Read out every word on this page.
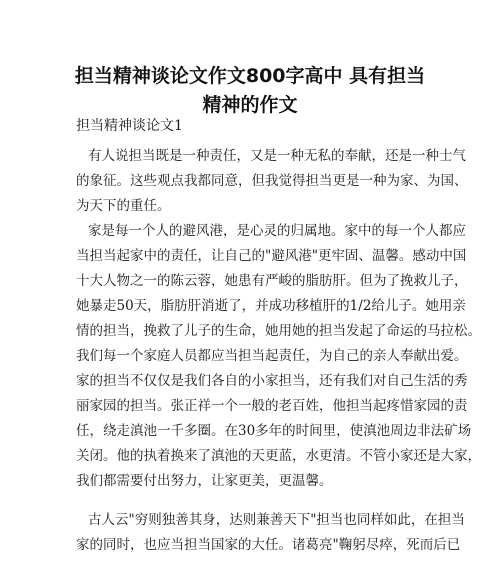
担当精神谈论文作文800字高中 具有担当
精神的作文

担当精神谈论文1

有人说担当既是一种责任，又是一种无私的奉献，还是一种士气
的象征。这些观点我都同意，但我觉得担当更是一种为家、为国、
为天下的重任。
家是每一个人的避风港，是心灵的归属地。家中的每一个人都应
当担当起家中的责任，让自己的"避风港"更牢固、温馨。感动中国
十大人物之一的陈云蓉，她患有严峻的脂肪肝。但为了挽救儿子，
她暴走50天，脂肪肝消逝了，并成功移植肝的1/2给儿子。她用亲
情的担当，挽救了儿子的生命，她用她的担当发起了命运的马拉松。
我们每一个家庭人员都应当担当起责任，为自己的亲人奉献出爱。
家的担当不仅仅是我们各自的小家担当，还有我们对自己生活的秀
丽家园的担当。张正祥一个一般的老百姓，他担当起疼惜家园的责
任，绕走滇池一千多圈。在30多年的时间里，使滇池周边非法矿场
关闭。他的执着换来了滇池的天更蓝，水更清。不管小家还是大家，
我们都需要付出努力，让家更美，更温馨。
古人云"穷则独善其身，达则兼善天下"担当也同样如此，在担当
家的同时，也应当担当国家的大任。诸葛亮"鞠躬尽瘁，死而后已
